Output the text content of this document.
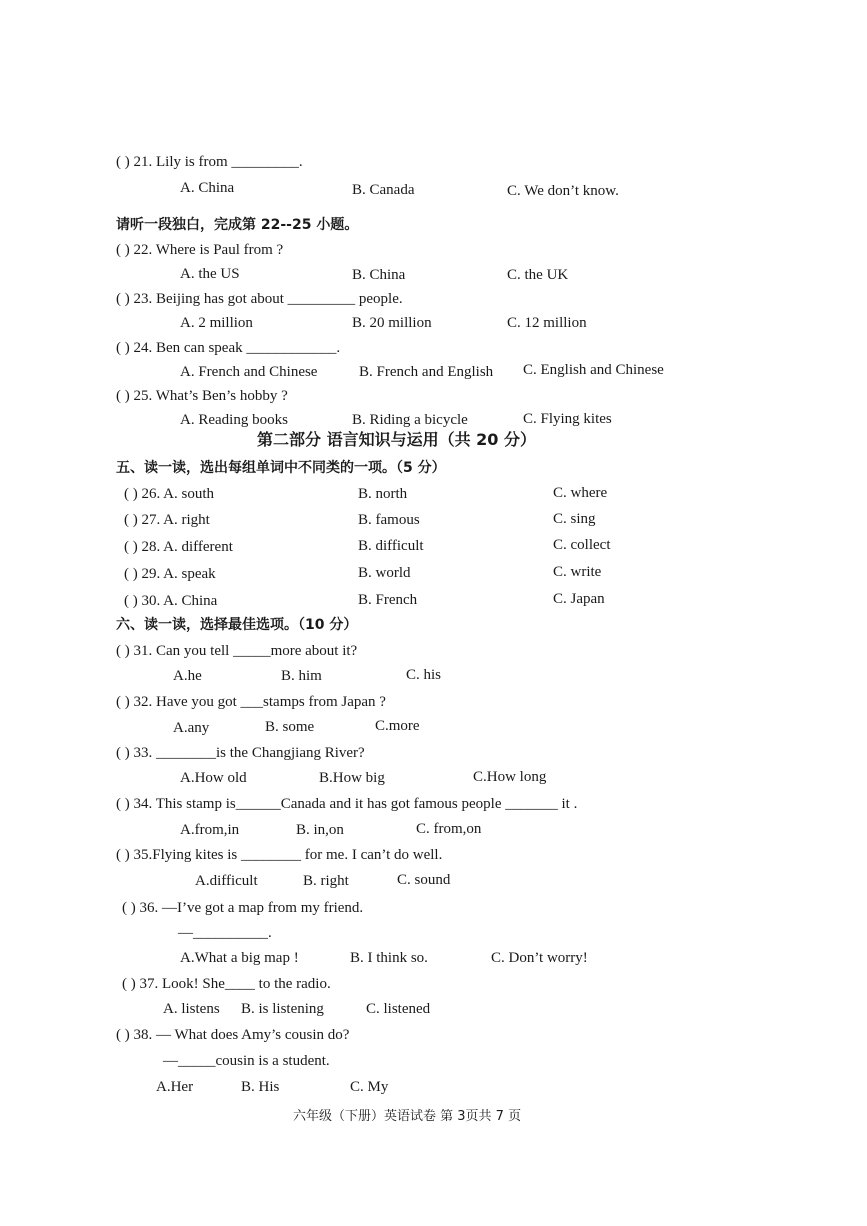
( ) 21. Lily is from _________.
A. China	B. Canada	C. We don’t know.
请听一段独白，完成第 22--25 小题。
( ) 22. Where is Paul from ?
A. the US	B. China	C. the UK
( ) 23. Beijing has got about _________ people.
A. 2 million	B. 20 million	C. 12 million
( ) 24. Ben can speak ____________.
A. French and Chinese	B. French and English C. English and Chinese
( ) 25. What’s Ben’s hobby ?
A. Reading books	B. Riding a bicycle	C. Flying kites
第二部分 语言知识与运用（共 20 分）
五、读一读，选出每组单词中不同类的一项。（5 分）
( ) 26. A. south	B. north	C. where
( ) 27. A. right	B. famous	C. sing
( ) 28. A. different	B. difficult	C. collect
( ) 29. A. speak	B. world	C. write
( ) 30. A. China	B. French	C. Japan
六、读一读，选择最佳选项。（10 分）
( ) 31. Can you tell _____more about it?
A.he	B. him	C. his
( ) 32. Have you got ___stamps from Japan ?
A.any	B. some	C.more
( ) 33. ________is the Changjiang River?
A.How old	B.How big	C.How long
( ) 34. This stamp is______Canada and it has got famous people _______ it .
A.from,in	B. in,on	C. from,on
( ) 35.Flying kites is ________ for me. I can’t do well.
A.difficult	B. right	C. sound
( ) 36. —I’ve got a map from my friend.
—__________.
A.What a big map !	B. I think so.	C. Don’t worry!
( ) 37. Look! She____ to the radio.
A. listens B. is listening	C. listened
( ) 38. — What does Amy’s cousin do?
—_____cousin is a student.
A.Her	B. His	C. My
六年级（下册）英语试卷 第 3页共 7 页
